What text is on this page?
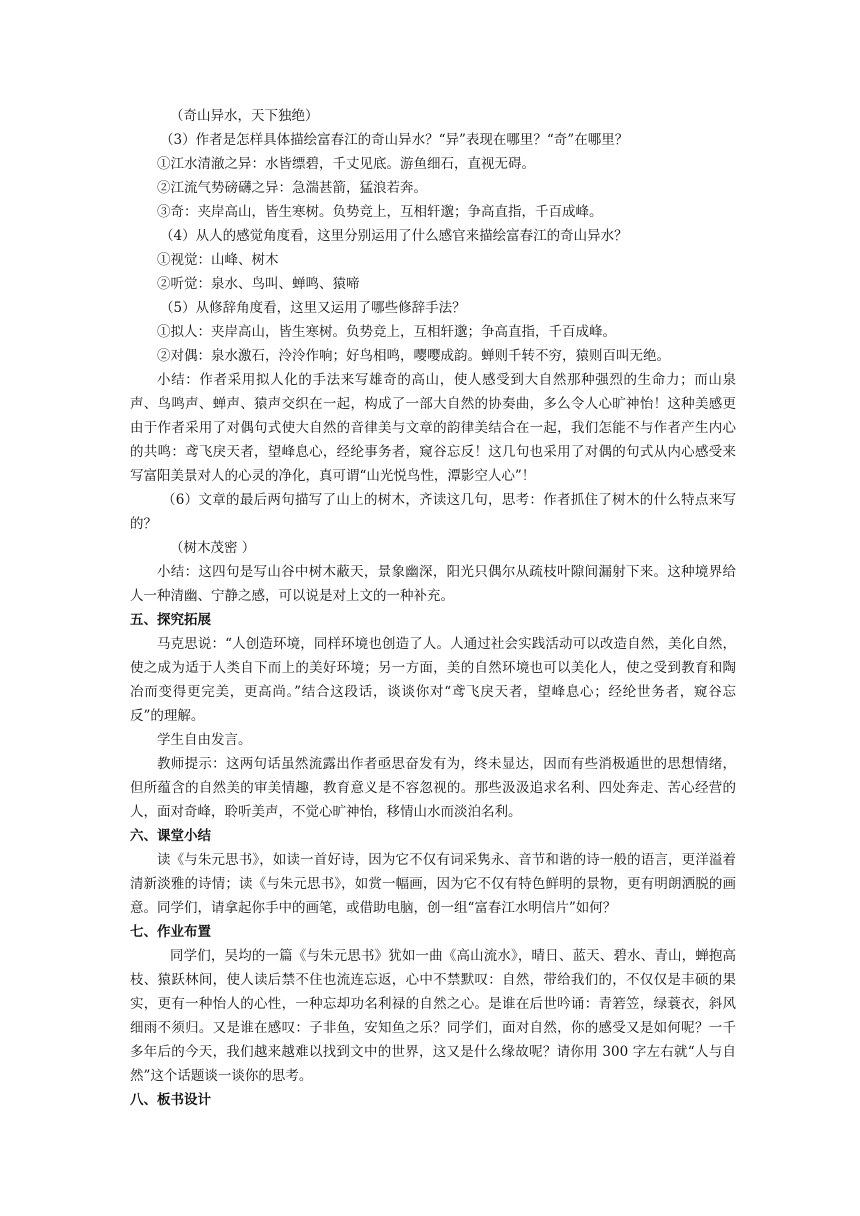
（奇山异水，天下独绝）

（3）作者是怎样具体描绘富春江的奇山异水？“异”表现在哪里？“奇”在哪里？

①江水清澈之异：水皆缥碧，千丈见底。游鱼细石，直视无碍。

②江流气势磅礴之异：急湍甚箭，猛浪若奔。

③奇：夹岸高山，皆生寒树。负势竞上，互相轩邈；争高直指，千百成峰。

（4）从人的感觉角度看，这里分别运用了什么感官来描绘富春江的奇山异水？

①视觉：山峰、树木

②听觉：泉水、鸟叫、蝉鸣、猿啼

（5）从修辞角度看，这里又运用了哪些修辞手法？

①拟人：夹岸高山，皆生寒树。负势竞上，互相轩邈；争高直指，千百成峰。

②对偶：泉水激石，泠泠作响；好鸟相鸣，嘤嘤成韵。蝉则千转不穷，猿则百叫无绝。

小结：作者采用拟人化的手法来写雄奇的高山，使人感受到大自然那种强烈的生命力；而山泉声、鸟鸣声、蝉声、猿声交织在一起，构成了一部大自然的协奏曲，多么令人心旷神怡！这种美感更由于作者采用了对偶句式使大自然的音律美与文章的韵律美结合在一起，我们怎能不与作者产生内心的共鸣：鸢飞戾天者，望峰息心，经纶事务者，窥谷忘反！这几句也采用了对偶的句式从内心感受来写富阳美景对人的心灵的净化，真可谓“山光悦鸟性，潭影空人心”！

（6）文章的最后两句描写了山上的树木，齐读这几句，思考：作者抓住了树木的什么特点来写的？

（树木茂密 ）

小结：这四句是写山谷中树木蔽天，景象幽深，阳光只偶尔从疏枝叶隙间漏射下来。这种境界给人一种清幽、宁静之感，可以说是对上文的一种补充。

五、探究拓展

马克思说：“人创造环境，同样环境也创造了人。人通过社会实践活动可以改造自然，美化自然，使之成为适于人类自下而上的美好环境；另一方面，美的自然环境也可以美化人，使之受到教育和陶冶而变得更完美，更高尚。”结合这段话，谈谈你对“鸢飞戾天者，望峰息心；经纶世务者，窥谷忘反”的理解。

学生自由发言。

教师提示：这两句话虽然流露出作者亟思奋发有为，终未显达，因而有些消极遁世的思想情绪，但所蕴含的自然美的审美情趣，教育意义是不容忽视的。那些汲汲追求名利、四处奔走、苦心经营的人，面对奇峰，聆听美声，不觉心旷神怡，移情山水而淡泊名利。

六、课堂小结

读《与朱元思书》，如读一首好诗，因为它不仅有词采隽永、音节和谐的诗一般的语言，更洋溢着清新淡雅的诗情；读《与朱元思书》，如赏一幅画，因为它不仅有特色鲜明的景物，更有明朗洒脱的画意。同学们，请拿起你手中的画笔，或借助电脑，创一组“富春江水明信片”如何？

七、作业布置

同学们，吴均的一篇《与朱元思书》犹如一曲《高山流水》，晴日、蓝天、碧水、青山，蝉抱高枝、猿跃林间，使人读后禁不住也流连忘返，心中不禁默叹：自然，带给我们的，不仅仅是丰硕的果实，更有一种怡人的心性，一种忘却功名利禄的自然之心。是谁在后世吟诵：青箬笠，绿蓑衣，斜风细雨不须归。又是谁在感叹：子非鱼，安知鱼之乐？同学们，面对自然，你的感受又是如何呢？一千多年后的今天，我们越来越难以找到文中的世界，这又是什么缘故呢？请你用 300 字左右就“人与自然”这个话题谈一谈你的思考。

八、板书设计
